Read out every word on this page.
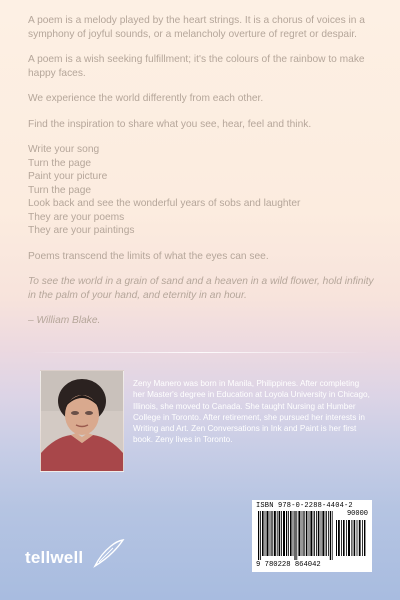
A poem is a melody played by the heart strings. It is a chorus of voices in a symphony of joyful sounds, or a melancholy overture of regret or despair.

A poem is a wish seeking fulfillment; it's the colours of the rainbow to make happy faces.

We experience the world differently from each other.

Find the inspiration to share what you see, hear, feel and think.

Write your song

Turn the page

Paint your picture

Turn the page

Look back and see the wonderful years of sobs and laughter

They are your poems

They are your paintings

Poems transcend the limits of what the eyes can see.

To see the world in a grain of sand and a heaven in a wild flower, hold infinity in the palm of your hand, and eternity in an hour.

– William Blake.

Zeny Manero was born in Manila, Philippines. After completing her Master's degree in Education at Loyola University in Chicago, Illinois, she moved to Canada. She taught Nursing at Humber College in Toronto. After retirement, she pursued her interests in Writing and Art. Zen Conversations in Ink and Paint is her first book. Zeny lives in Toronto.

ISBN 978-0-2288-4404-2
90000
9 780228 864042
tellwell
